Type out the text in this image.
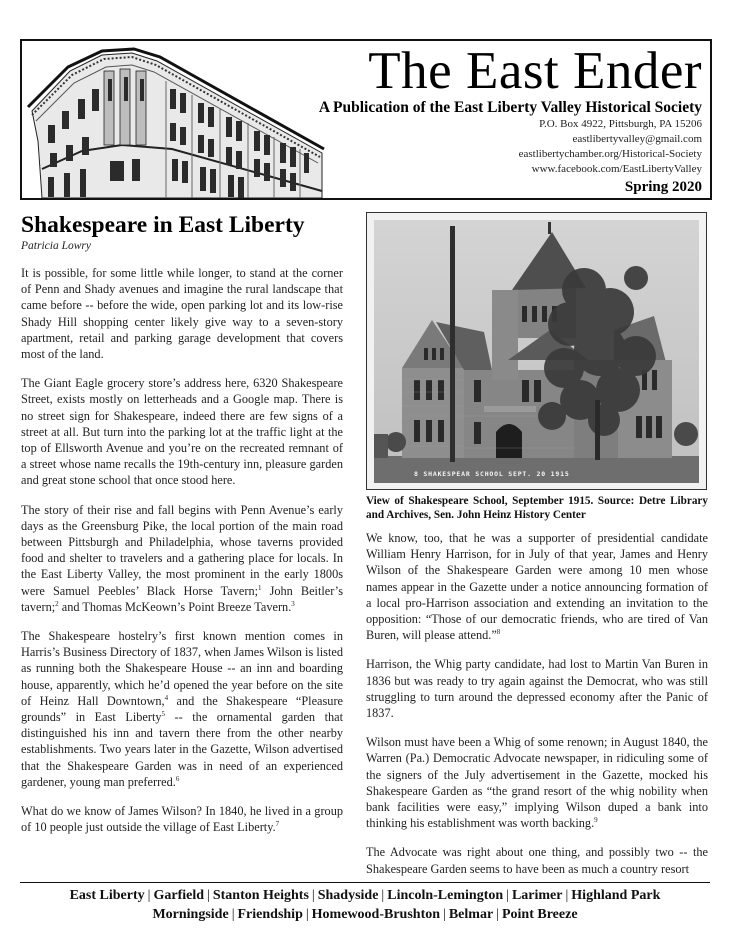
The East Ender
A Publication of the East Liberty Valley Historical Society
P.O. Box 4922, Pittsburgh, PA 15206
eastlibertyvalley@gmail.com
eastlibertychamber.org/Historical-Society
www.facebook.com/EastLibertyValley
Spring 2020
Shakespeare in East Liberty
Patricia Lowry

It is possible, for some little while longer, to stand at the corner of Penn and Shady avenues and imagine the rural landscape that came before -- before the wide, open parking lot and its low-rise Shady Hill shopping center likely give way to a seven-story apartment, retail and parking garage development that covers most of the land.

The Giant Eagle grocery store’s address here, 6320 Shakespeare Street, exists mostly on letterheads and a Google map. There is no street sign for Shakespeare, indeed there are few signs of a street at all. But turn into the parking lot at the traffic light at the top of Ellsworth Avenue and you’re on the recreated remnant of a street whose name recalls the 19th-century inn, pleasure garden and great stone school that once stood here.

The story of their rise and fall begins with Penn Avenue’s early days as the Greensburg Pike, the local portion of the main road between Pittsburgh and Philadelphia, whose taverns provided food and shelter to travelers and a gathering place for locals. In the East Liberty Valley, the most prominent in the early 1800s were Samuel Peebles’ Black Horse Tavern;$^1$ John Beitler’s tavern;$^2$ and Thomas McKeown’s Point Breeze Tavern.$^3$

The Shakespeare hostelry’s first known mention comes in Harris’s Business Directory of 1837, when James Wilson is listed as running both the Shakespeare House -- an inn and boarding house, apparently, which he’d opened the year before on the site of Heinz Hall Downtown,$^4$ and the Shakespeare “Pleasure grounds” in East Liberty$^5$ -- the ornamental garden that distinguished his inn and tavern there from the other nearby establishments. Two years later in the Gazette, Wilson advertised that the Shakespeare Garden was in need of an experienced gardener, young man preferred.$^6$

What do we know of James Wilson? In 1840, he lived in a group of 10 people just outside the village of East Liberty.$^7$

8 SHAKESPEAR SCHOOL SEPT. 20 1915
View of Shakespeare School, September 1915. Source: Detre Library and Archives, Sen. John Heinz History Center

We know, too, that he was a supporter of presidential candidate William Henry Harrison, for in July of that year, James and Henry Wilson of the Shakespeare Garden were among 10 men whose names appear in the Gazette under a notice announcing formation of a local pro-Harrison association and extending an invitation to the opposition: “Those of our democratic friends, who are tired of Van Buren, will please attend.”$^8$

Harrison, the Whig party candidate, had lost to Martin Van Buren in 1836 but was ready to try again against the Democrat, who was still struggling to turn around the depressed economy after the Panic of 1837.

Wilson must have been a Whig of some renown; in August 1840, the Warren (Pa.) Democratic Advocate newspaper, in ridiculing some of the signers of the July advertisement in the Gazette, mocked his Shakespeare Garden as “the grand resort of the whig nobility when bank facilities were easy,” implying Wilson duped a bank into thinking his establishment was worth backing.$^9$

The Advocate was right about one thing, and possibly two -- the Shakespeare Garden seems to have been as much a country resort

East Liberty | Garfield | Stanton Heights | Shadyside | Lincoln-Lemington | Larimer | Highland Park
Morningside | Friendship | Homewood-Brushton | Belmar | Point Breeze
